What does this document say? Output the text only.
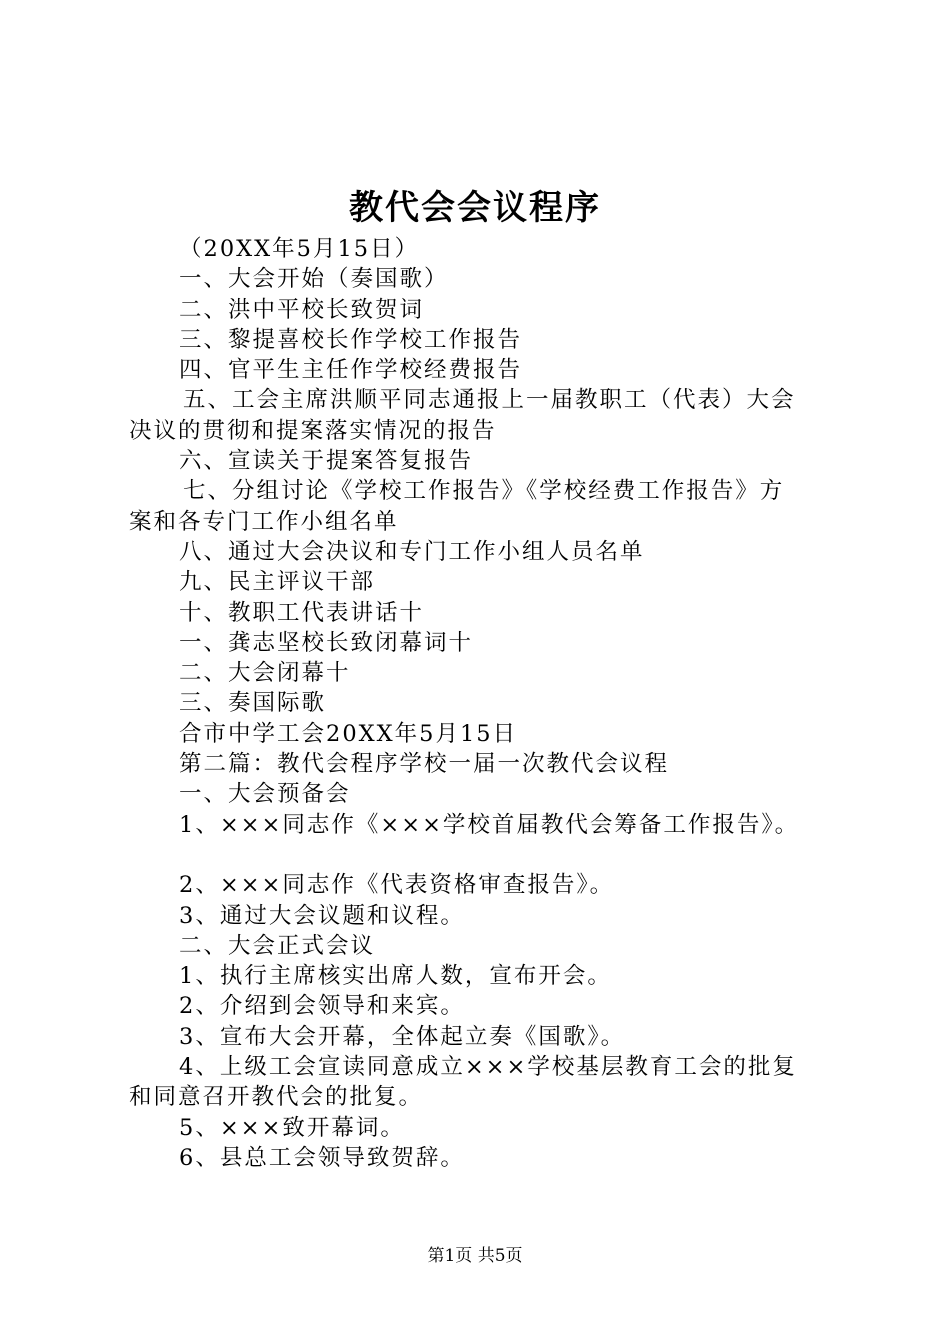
教代会会议程序

（20XX年5月15日）

一、大会开始（奏国歌）

二、洪中平校长致贺词

三、黎提喜校长作学校工作报告

四、官平生主任作学校经费报告

五、工会主席洪顺平同志通报上一届教职工（代表）大会

决议的贯彻和提案落实情况的报告

六、宣读关于提案答复报告

七、分组讨论《学校工作报告》《学校经费工作报告》方

案和各专门工作小组名单

八、通过大会决议和专门工作小组人员名单

九、民主评议干部

十、教职工代表讲话十

一、龚志坚校长致闭幕词十

二、大会闭幕十

三、奏国际歌

合市中学工会20XX年5月15日

第二篇：教代会程序学校一届一次教代会议程

一、大会预备会

1、×××同志作《×××学校首届教代会筹备工作报告》。

2、×××同志作《代表资格审查报告》。

3、通过大会议题和议程。

二、大会正式会议

1、执行主席核实出席人数，宣布开会。

2、介绍到会领导和来宾。

3、宣布大会开幕，全体起立奏《国歌》。

4、上级工会宣读同意成立×××学校基层教育工会的批复

和同意召开教代会的批复。

5、×××致开幕词。

6、县总工会领导致贺辞。

第1页 共5页
